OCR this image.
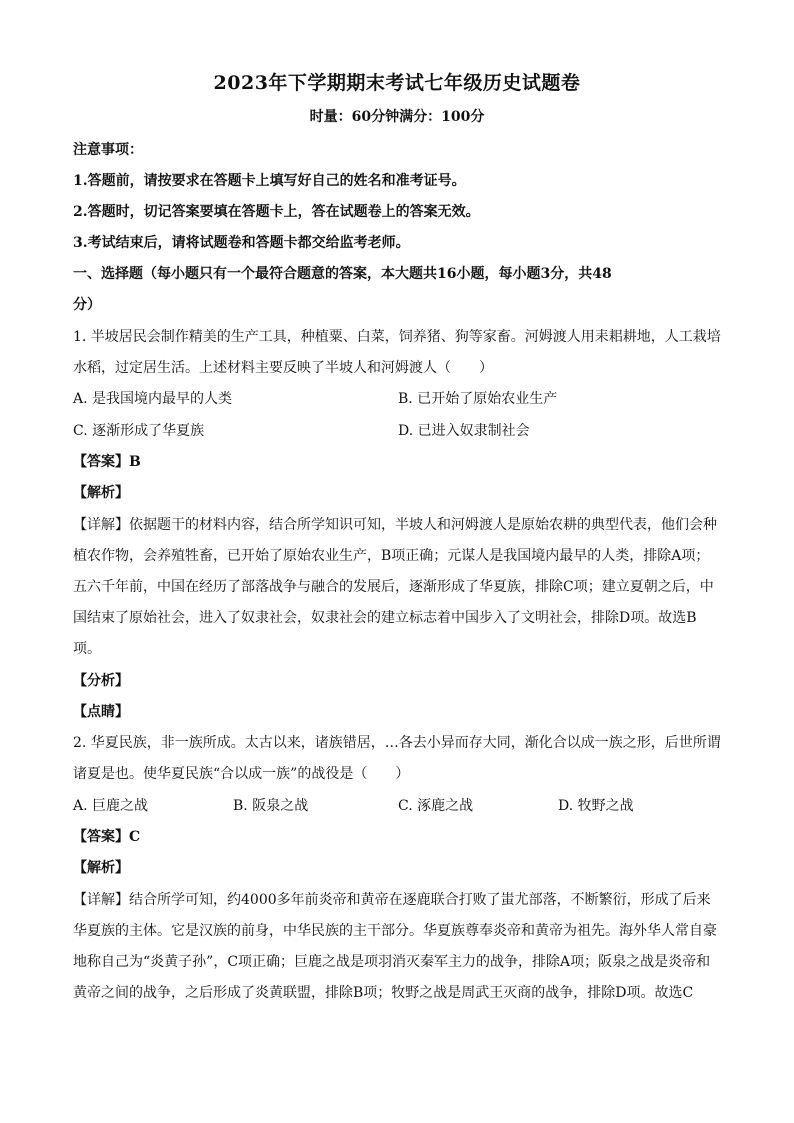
2023年下学期期末考试七年级历史试题卷
时量：60分钟满分：100分
注意事项：
1.答题前，请按要求在答题卡上填写好自己的姓名和准考证号。
2.答题时，切记答案要填在答题卡上，答在试题卷上的答案无效。
3.考试结束后，请将试题卷和答题卡都交给监考老师。
一、选择题（每小题只有一个最符合题意的答案，本大题共16小题，每小题3分，共48
分）
1. 半坡居民会制作精美的生产工具，种植粟、白菜，饲养猪、狗等家畜。河姆渡人用耒耜耕地，人工栽培
水稻，过定居生活。上述材料主要反映了半坡人和河姆渡人（　　）
A. 是我国境内最早的人类	B. 已开始了原始农业生产
C. 逐渐形成了华夏族	D. 已进入奴隶制社会
【答案】B
【解析】
【详解】依据题干的材料内容，结合所学知识可知，半坡人和河姆渡人是原始农耕的典型代表，他们会种
植农作物，会养殖牲畜，已开始了原始农业生产，B项正确；元谋人是我国境内最早的人类，排除A项；
五六千年前，中国在经历了部落战争与融合的发展后，逐渐形成了华夏族，排除C项；建立夏朝之后，中
国结束了原始社会，进入了奴隶社会，奴隶社会的建立标志着中国步入了文明社会，排除D项。故选B
项。
【分析】
【点睛】
2. 华夏民族，非一族所成。太古以来，诸族错居，…各去小异而存大同，渐化合以成一族之形，后世所谓
诸夏是也。使华夏民族“合以成一族”的战役是（　　）
A. 巨鹿之战	B. 阪泉之战	C. 涿鹿之战	D. 牧野之战
【答案】C
【解析】
【详解】结合所学可知，约4000多年前炎帝和黄帝在逐鹿联合打败了蚩尤部落，不断繁衍，形成了后来
华夏族的主体。它是汉族的前身，中华民族的主干部分。华夏族尊奉炎帝和黄帝为祖先。海外华人常自豪
地称自己为“炎黄子孙”，C项正确；巨鹿之战是项羽消灭秦军主力的战争，排除A项；阪泉之战是炎帝和
黄帝之间的战争，之后形成了炎黄联盟，排除B项；牧野之战是周武王灭商的战争，排除D项。故选C
